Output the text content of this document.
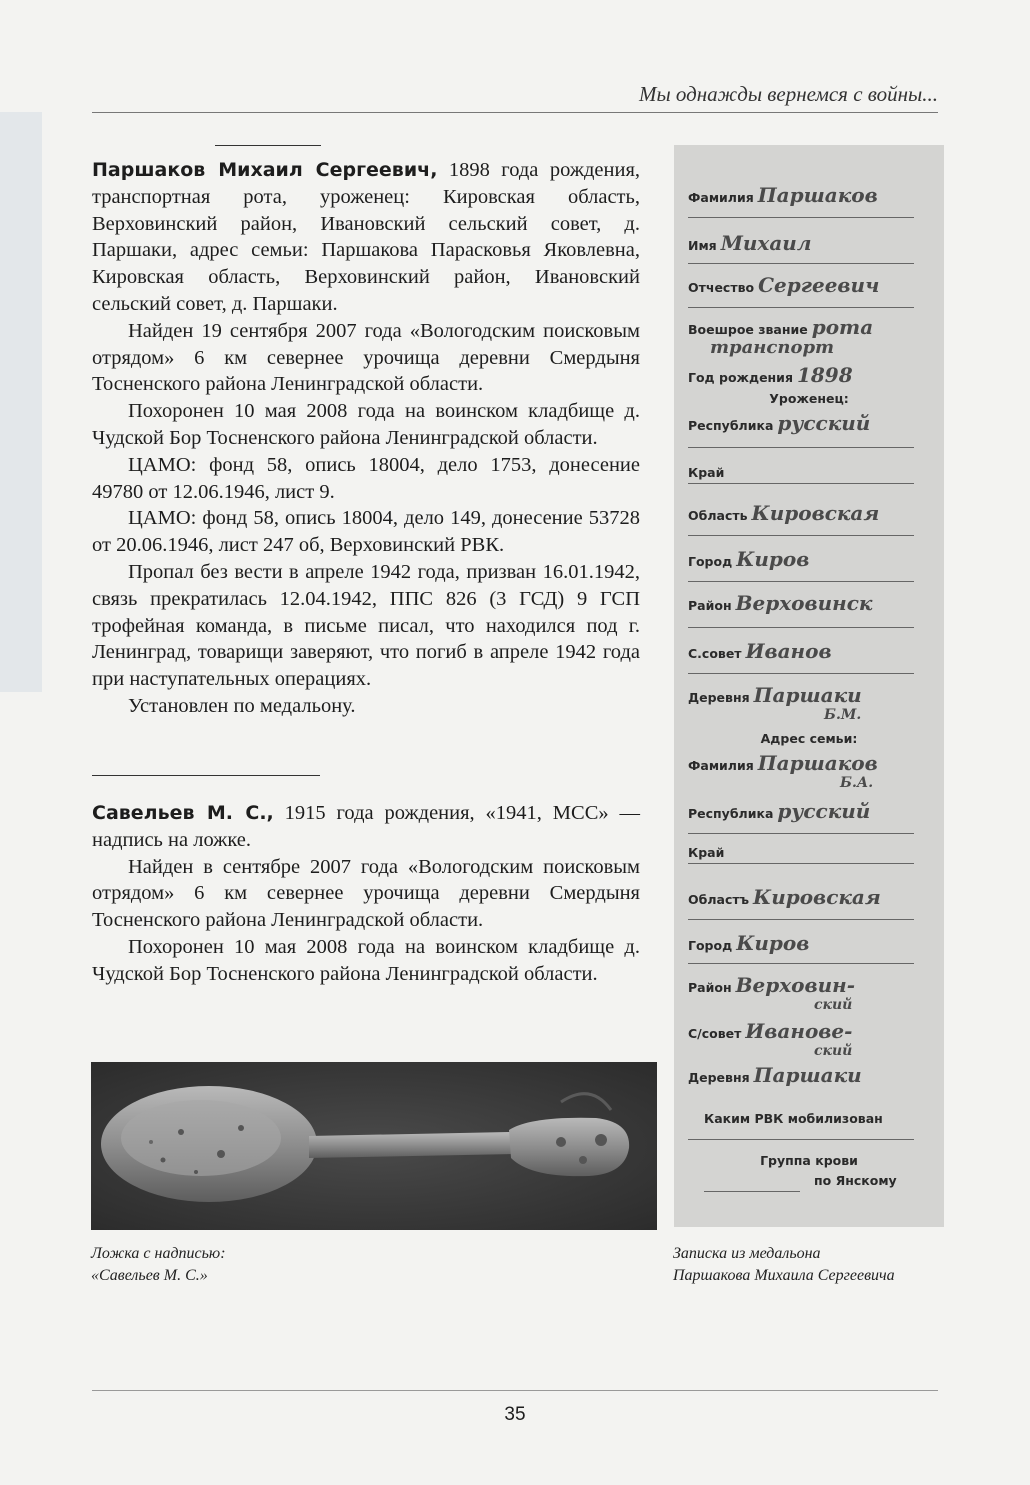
Мы однажды вернемся с войны...

Паршаков Михаил Сергеевич, 1898 года рождения, транспортная рота, уроженец: Кировская область, Верховинский район, Ивановский сельский совет, д. Паршаки, адрес семьи: Паршакова Парасковья Яковлевна, Кировская область, Верховинский район, Ивановский сельский совет, д. Паршаки.

Найден 19 сентября 2007 года «Вологодским поисковым отрядом» 6 км севернее урочища деревни Смердыня Тосненского района Ленинградской области.

Похоронен 10 мая 2008 года на воинском кладбище д. Чудской Бор Тосненского района Ленинградской области.

ЦАМО: фонд 58, опись 18004, дело 1753, донесение 49780 от 12.06.1946, лист 9.

ЦАМО: фонд 58, опись 18004, дело 149, донесение 53728 от 20.06.1946, лист 247 об, Верховинский РВК.

Пропал без вести в апреле 1942 года, призван 16.01.1942, связь прекратилась 12.04.1942, ППС 826 (3 ГСД) 9 ГСП трофейная команда, в письме писал, что находился под г. Ленинград, товарищи заверяют, что погиб в апреле 1942 года при наступательных операциях.

Установлен по медальону.

Савельев М. С., 1915 года рождения, «1941, МСС» — надпись на ложке.

Найден в сентябре 2007 года «Вологодским поисковым отрядом» 6 км севернее урочища деревни Смердыня Тосненского района Ленинградской области.

Похоронен 10 мая 2008 года на воинском кладбище д. Чудской Бор Тосненского района Ленинградской области.

Ложка с надписью:
«Савельев М. С.»
Записка из медальона
Паршакова Михаила Сергеевича
Фамилия Паршаков
Имя Михаил
Отчество Сергеевич
Воешрое звание рота
транспорт
Год рождения 1898
Уроженец:
Республика русский
Край
Область Кировская
Город Киров
Район Верховинск
С.совет Иванов
Деревня Паршаки
Б.М.
Адрес семьи:
Фамилия Паршаков
Б.А.
Республика русский
Край
Областъ Кировская
Город Киров
Район Верховин-
ский
С/совет Иванове-
ский
Деревня Паршаки
Каким РВК мобилизован
Группа крови
по Янскому
35
